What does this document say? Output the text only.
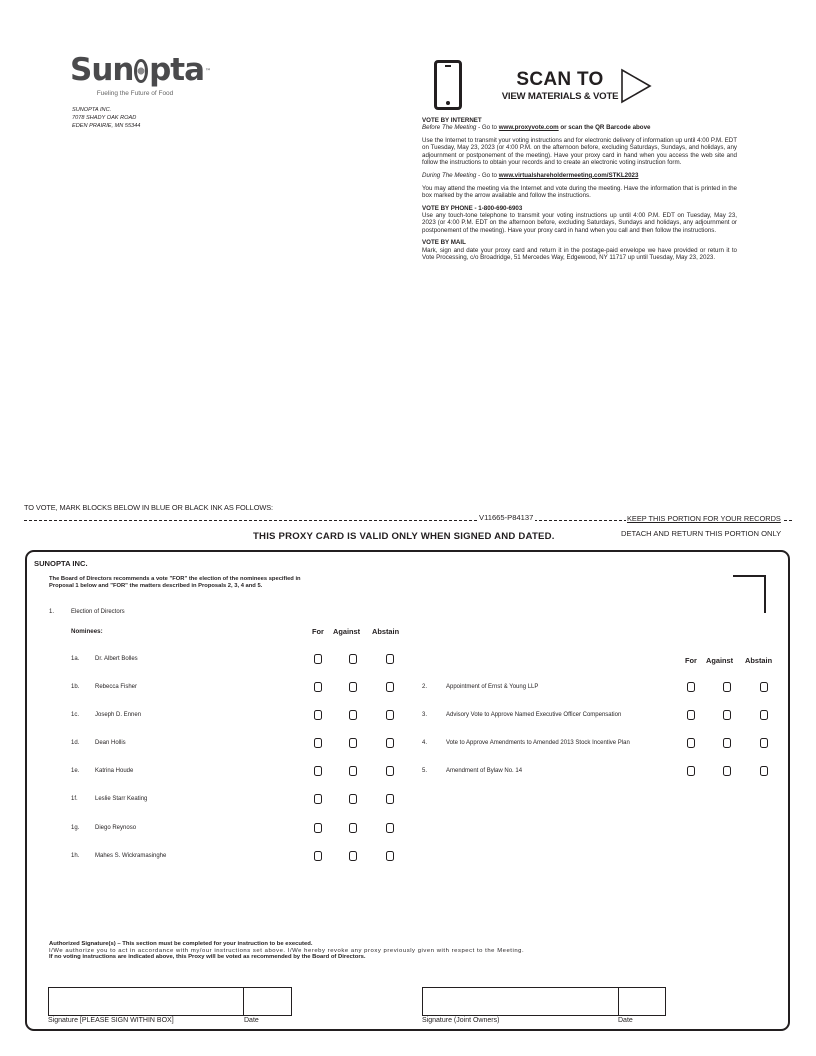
Sun pta ™
Fueling the Future of Food
SUNOPTA INC.
7078 SHADY OAK ROAD
EDEN PRAIRIE, MN 55344
SCAN TO
VIEW MATERIALS & VOTE
VOTE BY INTERNET

Before The Meeting - Go to www.proxyvote.com or scan the QR Barcode above

Use the Internet to transmit your voting instructions and for electronic delivery of information up until 4:00 P.M. EDT on Tuesday, May 23, 2023 (or 4:00 P.M. on the afternoon before, excluding Saturdays, Sundays, and holidays, any adjournment or postponement of the meeting). Have your proxy card in hand when you access the web site and follow the instructions to obtain your records and to create an electronic voting instruction form.

During The Meeting - Go to www.virtualshareholdermeeting.com/STKL2023

You may attend the meeting via the Internet and vote during the meeting. Have the information that is printed in the box marked by the arrow available and follow the instructions.

VOTE BY PHONE - 1-800-690-6903

Use any touch-tone telephone to transmit your voting instructions up until 4:00 P.M. EDT on Tuesday, May 23, 2023 (or 4:00 P.M. EDT on the afternoon before, excluding Saturdays, Sundays and holidays, any adjournment or postponement of the meeting). Have your proxy card in hand when you call and then follow the instructions.

VOTE BY MAIL

Mark, sign and date your proxy card and return it in the postage-paid envelope we have provided or return it to Vote Processing, c/o Broadridge, 51 Mercedes Way, Edgewood, NY 11717 up until Tuesday, May 23, 2023.

TO VOTE, MARK BLOCKS BELOW IN BLUE OR BLACK INK AS FOLLOWS:
V11665-P84137	KEEP THIS PORTION FOR YOUR RECORDS
THIS PROXY CARD IS VALID ONLY WHEN SIGNED AND DATED.	DETACH AND RETURN THIS PORTION ONLY
SUNOPTA INC.
The Board of Directors recommends a vote "FOR" the election of the nominees specified in Proposal 1 below and "FOR" the matters described in Proposals 2, 3, 4 and 5.
1.	Election of Directors
Nominees:	For Against Abstain
1a.	Dr. Albert Bolles
1b.	Rebecca Fisher
1c.	Joseph D. Ennen
1d.	Dean Hollis
1e.	Katrina Houde
1f.	Leslie Starr Keating
1g.	Diego Reynoso
1h.	Mahes S. Wickramasinghe
For Against Abstain
2.	Appointment of Ernst & Young LLP
3.	Advisory Vote to Approve Named Executive Officer Compensation
4.	Vote to Approve Amendments to Amended 2013 Stock Incentive Plan
5.	Amendment of Bylaw No. 14
Authorized Signature(s) – This section must be completed for your instruction to be executed.
I/We authorize you to act in accordance with my/our instructions set above. I/We hereby revoke any proxy previously given with respect to the Meeting.
If no voting instructions are indicated above, this Proxy will be voted as recommended by the Board of Directors.
Signature [PLEASE SIGN WITHIN BOX]	Date	Signature (Joint Owners)	Date
